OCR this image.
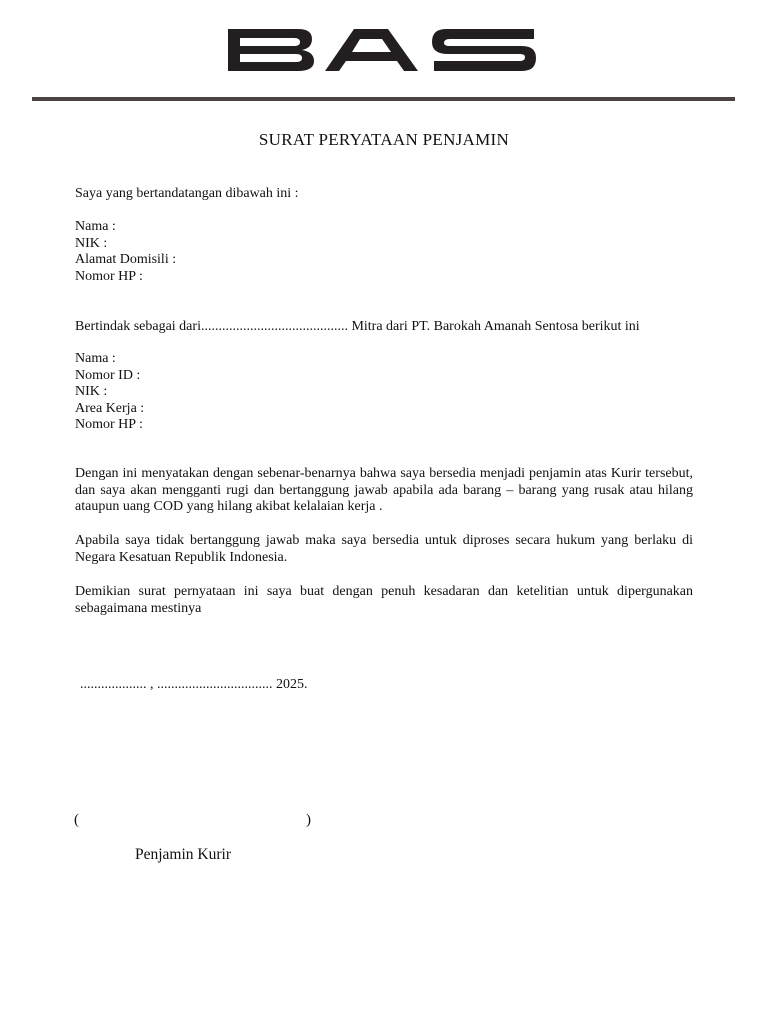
SURAT PERYATAAN PENJAMIN
Saya yang bertandatangan dibawah ini :
Nama :
NIK :
Alamat Domisili :
Nomor HP :
Bertindak sebagai dari.......................................... Mitra dari PT. Barokah Amanah Sentosa berikut ini
Nama :
Nomor ID :
NIK :
Area Kerja :
Nomor HP :

Dengan ini menyatakan dengan sebenar-benarnya bahwa saya bersedia menjadi penjamin atas Kurir tersebut, dan saya akan mengganti rugi dan bertanggung jawab apabila ada barang – barang yang rusak atau hilang ataupun uang COD yang hilang akibat kelalaian kerja .

Apabila saya tidak bertanggung jawab maka saya bersedia untuk diproses secara hukum yang berlaku di Negara Kesatuan Republik Indonesia.

Demikian surat pernyataan ini saya buat dengan penuh kesadaran dan ketelitian untuk dipergunakan sebagaimana mestinya

................... , ................................. 2025.
(	)
Penjamin Kurir
